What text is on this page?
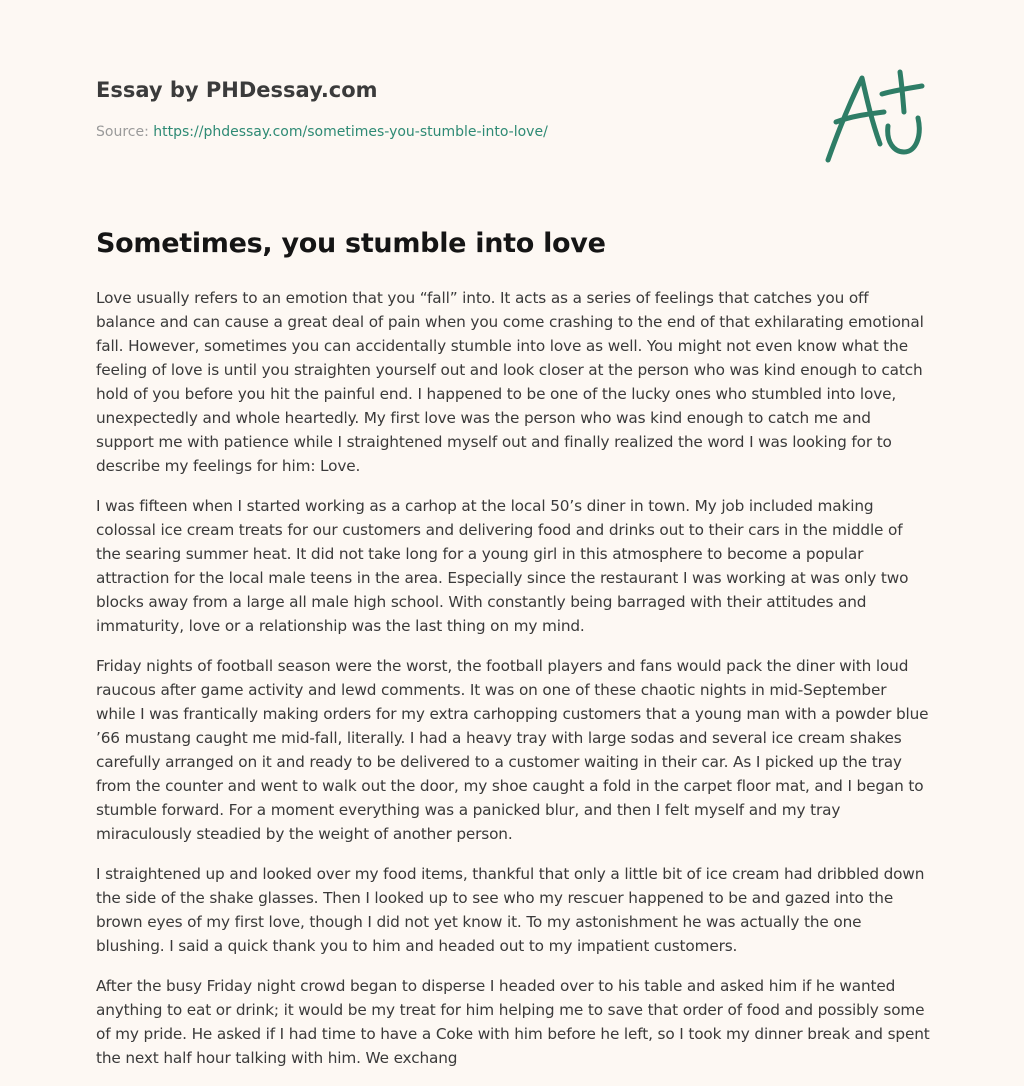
Essay by PHDessay.com
Source: https://phdessay.com/sometimes-you-stumble-into-love/
Sometimes, you stumble into love

Love usually refers to an emotion that you “fall” into. It acts as a series of feelings that catches you off balance and can cause a great deal of pain when you come crashing to the end of that exhilarating emotional fall. However, sometimes you can accidentally stumble into love as well. You might not even know what the feeling of love is until you straighten yourself out and look closer at the person who was kind enough to catch hold of you before you hit the painful end. I happened to be one of the lucky ones who stumbled into love, unexpectedly and whole heartedly. My first love was the person who was kind enough to catch me and support me with patience while I straightened myself out and finally realized the word I was looking for to describe my feelings for him: Love.

I was fifteen when I started working as a carhop at the local 50’s diner in town. My job included making colossal ice cream treats for our customers and delivering food and drinks out to their cars in the middle of the searing summer heat. It did not take long for a young girl in this atmosphere to become a popular attraction for the local male teens in the area. Especially since the restaurant I was working at was only two blocks away from a large all male high school. With constantly being barraged with their attitudes and immaturity, love or a relationship was the last thing on my mind.

Friday nights of football season were the worst, the football players and fans would pack the diner with loud raucous after game activity and lewd comments. It was on one of these chaotic nights in mid-September while I was frantically making orders for my extra carhopping customers that a young man with a powder blue ’66 mustang caught me mid-fall, literally. I had a heavy tray with large sodas and several ice cream shakes carefully arranged on it and ready to be delivered to a customer waiting in their car. As I picked up the tray from the counter and went to walk out the door, my shoe caught a fold in the carpet floor mat, and I began to stumble forward. For a moment everything was a panicked blur, and then I felt myself and my tray miraculously steadied by the weight of another person.

I straightened up and looked over my food items, thankful that only a little bit of ice cream had dribbled down the side of the shake glasses. Then I looked up to see who my rescuer happened to be and gazed into the brown eyes of my first love, though I did not yet know it. To my astonishment he was actually the one blushing. I said a quick thank you to him and headed out to my impatient customers.

After the busy Friday night crowd began to disperse I headed over to his table and asked him if he wanted anything to eat or drink; it would be my treat for him helping me to save that order of food and possibly some of my pride. He asked if I had time to have a Coke with him before he left, so I took my dinner break and spent the next half hour talking with him. We exchang
